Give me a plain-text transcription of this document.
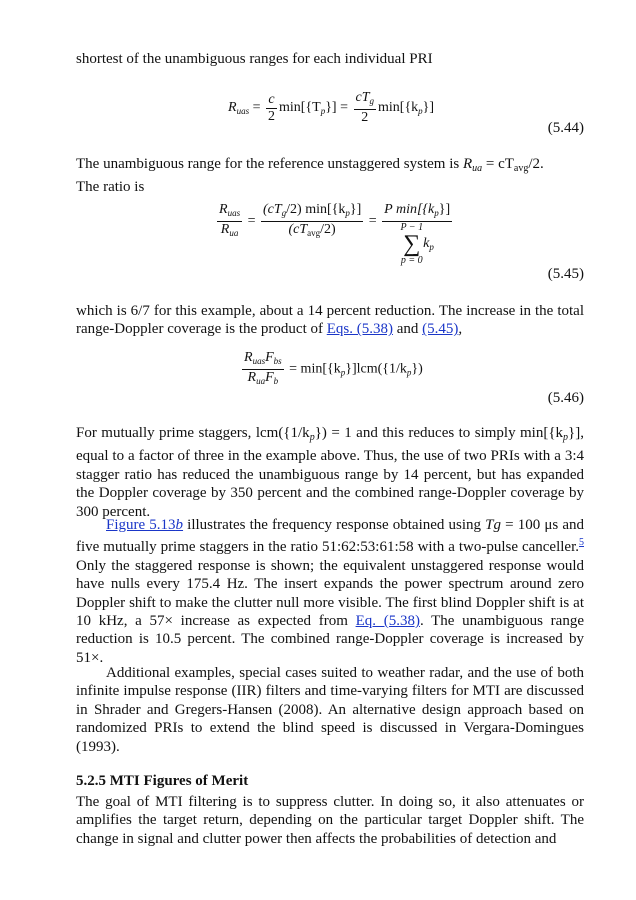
shortest of the unambiguous ranges for each individual PRI
$R_{uas} = \frac{c}{2} \min[\{T_p\}] = \frac{cT_g}{2} \min[\{k_p\}]$
(5.44)
The unambiguous range for the reference unstaggered system is $R_{ua} = cT_{avg}/2$.
The ratio is
$\frac{R_{uas}}{R_{ua}} = \frac{(cT_g/2) \min[\{k_p\}]}{(cT_{avg}/2)} = P$ $\min[\{k_p\}]$
P − 1
∑
$p = 0k_p$
(5.45)
which is 6/7 for this example, about a 14 percent reduction. The increase in the total range-Doppler coverage is the product of Eqs. (5.38) and (5.45),
$\frac{R_{uas}F_{bs}}{R_{ua}F_b} = \min[\{k_p\}]lcm(\{1/k_p\})$
(5.46)
For mutually prime staggers, $lcm(\{1/k_p\}) = 1$ and this reduces to simply $\min[\{k_p\}]$, equal to a factor of three in the example above. Thus, the use of two PRIs with a 3:4 stagger ratio has reduced the unambiguous range by 14 percent, but has expanded the Doppler coverage by 350 percent and the combined range-Doppler coverage by 300 percent.
Figure 5.13b illustrates the frequency response obtained using Tg = 100 μs and five mutually prime staggers in the ratio 51:62:53:61:58 with a two-pulse canceller.$^5$ Only the staggered response is shown; the equivalent unstaggered response would have nulls every 175.4 Hz. The insert expands the power spectrum around zero Doppler shift to make the clutter null more visible. The first blind Doppler shift is at 10 kHz, a 57× increase as expected from Eq. (5.38). The unambiguous range reduction is 10.5 percent. The combined range-Doppler coverage is increased by 51×.
Additional examples, special cases suited to weather radar, and the use of both infinite impulse response (IIR) filters and time-varying filters for MTI are discussed in Shrader and Gregers-Hansen (2008). An alternative design approach based on randomized PRIs to extend the blind speed is discussed in Vergara-Domingues (1993).
5.2.5 MTI Figures of Merit
The goal of MTI filtering is to suppress clutter. In doing so, it also attenuates or amplifies the target return, depending on the particular target Doppler shift. The change in signal and clutter power then affects the probabilities of detection and
